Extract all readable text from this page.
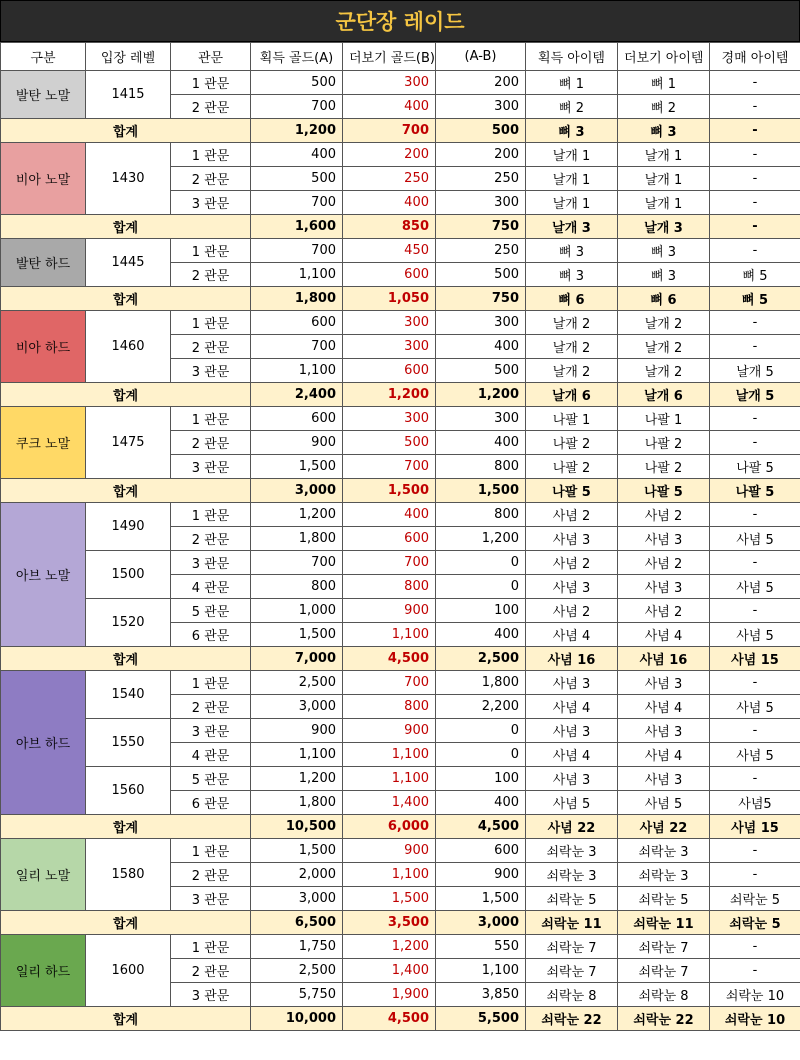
군단장 레이드
구분	입장 레벨	관문	획득 골드(A)	더보기 골드(B)	(A-B)	획득 아이템	더보기 아이템	경매 아이템
발탄 노말	1415	1 관문	500	300	200	뼈 1	뼈 1	-
		2 관문	700	400	300	뼈 2	뼈 2	-
합계			1,200	700	500	뼈 3	뼈 3	-
비아 노말	1430	1 관문	400	200	200	날개 1	날개 1	-
		2 관문	500	250	250	날개 1	날개 1	-
		3 관문	700	400	300	날개 1	날개 1	-
합계			1,600	850	750	날개 3	날개 3	-
발탄 하드	1445	1 관문	700	450	250	뼈 3	뼈 3	-
		2 관문	1,100	600	500	뼈 3	뼈 3	뼈 5
합계			1,800	1,050	750	뼈 6	뼈 6	뼈 5
비아 하드	1460	1 관문	600	300	300	날개 2	날개 2	-
		2 관문	700	300	400	날개 2	날개 2	-
		3 관문	1,100	600	500	날개 2	날개 2	날개 5
합계			2,400	1,200	1,200	날개 6	날개 6	날개 5
쿠크 노말	1475	1 관문	600	300	300	나팔 1	나팔 1	-
		2 관문	900	500	400	나팔 2	나팔 2	-
		3 관문	1,500	700	800	나팔 2	나팔 2	나팔 5
합계			3,000	1,500	1,500	나팔 5	나팔 5	나팔 5
아브 노말	1490	1 관문	1,200	400	800	사념 2	사념 2	-
		2 관문	1,800	600	1,200	사념 3	사념 3	사념 5
	1500	3 관문	700	700	0	사념 2	사념 2	-
		4 관문	800	800	0	사념 3	사념 3	사념 5
	1520	5 관문	1,000	900	100	사념 2	사념 2	-
		6 관문	1,500	1,100	400	사념 4	사념 4	사념 5
합계			7,000	4,500	2,500	사념 16	사념 16	사념 15
아브 하드	1540	1 관문	2,500	700	1,800	사념 3	사념 3	-
		2 관문	3,000	800	2,200	사념 4	사념 4	사념 5
	1550	3 관문	900	900	0	사념 3	사념 3	-
		4 관문	1,100	1,100	0	사념 4	사념 4	사념 5
	1560	5 관문	1,200	1,100	100	사념 3	사념 3	-
		6 관문	1,800	1,400	400	사념 5	사념 5	사념5
합계			10,500	6,000	4,500	사념 22	사념 22	사념 15
일리 노말	1580	1 관문	1,500	900	600	쇠락눈 3	쇠락눈 3	-
		2 관문	2,000	1,100	900	쇠락눈 3	쇠락눈 3	-
		3 관문	3,000	1,500	1,500	쇠락눈 5	쇠락눈 5	쇠락눈 5
합계			6,500	3,500	3,000	쇠락눈 11	쇠락눈 11	쇠락눈 5
일리 하드	1600	1 관문	1,750	1,200	550	쇠락눈 7	쇠락눈 7	-
		2 관문	2,500	1,400	1,100	쇠락눈 7	쇠락눈 7	-
		3 관문	5,750	1,900	3,850	쇠락눈 8	쇠락눈 8	쇠락눈 10
합계			10,000	4,500	5,500	쇠락눈 22	쇠락눈 22	쇠락눈 10
